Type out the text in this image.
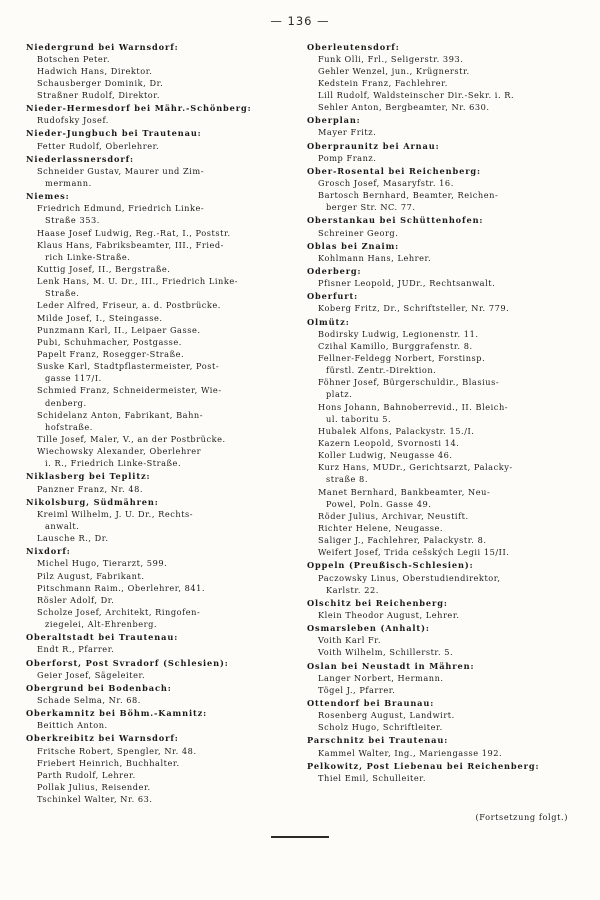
— 136 —
Niedergrund bei Warnsdorf:
Botschen Peter.
Hadwich Hans, Direktor.
Schausberger Dominik, Dr.
Straßner Rudolf, Direktor.
Nieder-Hermesdorf bei Mähr.-Schönberg:
Rudofsky Josef.
Nieder-Jungbuch bei Trautenau:
Fetter Rudolf, Oberlehrer.
Niederlassnersdorf:
Schneider Gustav, Maurer und Zim-
mermann.
Niemes:
Friedrich Edmund, Friedrich Linke-
Straße 353.
Haase Josef Ludwig, Reg.-Rat, I., Poststr.
Klaus Hans, Fabriksbeamter, III., Fried-
rich Linke-Straße.
Kuttig Josef, II., Bergstraße.
Lenk Hans, M. U. Dr., III., Friedrich Linke-
Straße.
Leder Alfred, Friseur, a. d. Postbrücke.
Milde Josef, I., Steingasse.
Punzmann Karl, II., Leipaer Gasse.
Pubi, Schuhmacher, Postgasse.
Papelt Franz, Rosegger-Straße.
Suske Karl, Stadtpflastermeister, Post-
gasse 117/I.
Schmied Franz, Schneidermeister, Wie-
denberg.
Schidelanz Anton, Fabrikant, Bahn-
hofstraße.
Tille Josef, Maler, V., an der Postbrücke.
Wiechowsky Alexander, Oberlehrer
i. R., Friedrich Linke-Straße.
Niklasberg bei Teplitz:
Panzner Franz, Nr. 48.
Nikolsburg, Südmähren:
Kreiml Wilhelm, J. U. Dr., Rechts-
anwalt.
Lausche R., Dr.
Nixdorf:
Michel Hugo, Tierarzt, 599.
Pilz August, Fabrikant.
Pitschmann Raim., Oberlehrer, 841.
Rösler Adolf, Dr.
Scholze Josef, Architekt, Ringofen-
ziegelei, Alt-Ehrenberg.
Oberaltstadt bei Trautenau:
Endt R., Pfarrer.
Oberforst, Post Svradorf (Schlesien):
Geier Josef, Sägeleiter.
Obergrund bei Bodenbach:
Schade Selma, Nr. 68.
Oberkamnitz bei Böhm.-Kamnitz:
Beittich Anton.
Oberkreibitz bei Warnsdorf:
Fritsche Robert, Spengler, Nr. 48.
Friebert Heinrich, Buchhalter.
Parth Rudolf, Lehrer.
Pollak Julius, Reisender.
Tschinkel Walter, Nr. 63.
Oberleutensdorf:
Funk Olli, Frl., Seligerstr. 393.
Gehler Wenzel, jun., Krügnerstr.
Kedstein Franz, Fachlehrer.
Lill Rudolf, Waldsteinscher Dir.-Sekr. i. R.
Sehler Anton, Bergbeamter, Nr. 630.
Oberplan:
Mayer Fritz.
Oberpraunitz bei Arnau:
Pomp Franz.
Ober-Rosental bei Reichenberg:
Grosch Josef, Masaryfstr. 16.
Bartosch Bernhard, Beamter, Reichen-
berger Str. NC. 77.
Oberstankau bei Schüttenhofen:
Schreiner Georg.
Oblas bei Znaim:
Kohlmann Hans, Lehrer.
Oderberg:
Pfisner Leopold, JUDr., Rechtsanwalt.
Oberfurt:
Koberg Fritz, Dr., Schriftsteller, Nr. 779.
Olmütz:
Bodirsky Ludwig, Legionenstr. 11.
Czihal Kamillo, Burggrafenstr. 8.
Fellner-Feldegg Norbert, Forstinsp.
fürstl. Zentr.-Direktion.
Föhner Josef, Bürgerschuldir., Blasius-
platz.
Hons Johann, Bahnoberrevid., II. Bleich-
ul. taboritu 5.
Hubalek Alfons, Palackystr. 15./I.
Kazern Leopold, Svornosti 14.
Koller Ludwig, Neugasse 46.
Kurz Hans, MUDr., Gerichtsarzt, Palacky-
straße 8.
Manet Bernhard, Bankbeamter, Neu-
Powel, Poln. Gasse 49.
Röder Julius, Archivar, Neustift.
Richter Helene, Neugasse.
Saliger J., Fachlehrer, Palackystr. 8.
Weifert Josef, Trida cešských Legii 15/II.
Oppeln (Preußisch-Schlesien):
Paczowsky Linus, Oberstudiendirektor,
Karlstr. 22.
Olschitz bei Reichenberg:
Klein Theodor August, Lehrer.
Osmarsleben (Anhalt):
Voith Karl Fr.
Voith Wilhelm, Schillerstr. 5.
Oslan bei Neustadt in Mähren:
Langer Norbert, Hermann.
Tögel J., Pfarrer.
Ottendorf bei Braunau:
Rosenberg August, Landwirt.
Scholz Hugo, Schriftleiter.
Parschnitz bei Trautenau:
Kammel Walter, Ing., Mariengasse 192.
Pelkowitz, Post Liebenau bei Reichenberg:
Thiel Emil, Schulleiter.
(Fortsetzung folgt.)
